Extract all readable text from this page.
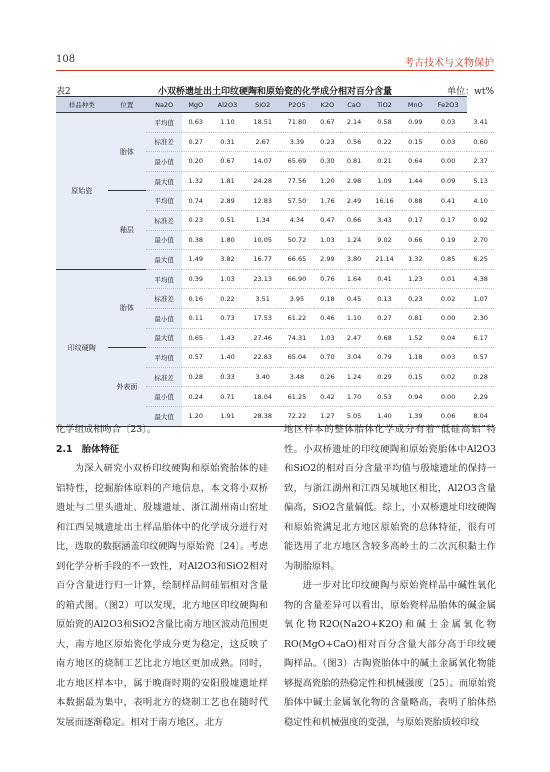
108	考古技术与文物保护
表2	小双桥遗址出土印纹硬陶和原始瓷的化学成分相对百分含量	单位：wt%
样品种类	位置	Na2O	MgO	Al2O3	SiO2	P2O5	K2O	CaO	TiO2	MnO	Fe2O3	
原始瓷	胎体	平均值	0.63	1.10	18.51	71.80	0.67	2.14	0.58	0.99	0.03	3.41
		标准差	0.27	0.31	2.67	3.39	0.23	0.56	0.22	0.15	0.03	0.60
		最小值	0.20	0.67	14.07	65.69	0.30	0.81	0.21	0.64	0.00	2.37
		最大值	1.32	1.81	24.28	77.56	1.20	2.98	1.09	1.44	0.09	5.13
	釉层	平均值	0.74	2.89	12.83	57.50	1.76	2.49	16.16	0.88	0.41	4.10
		标准差	0.23	0.51	1.34	4.34	0.47	0.66	3.43	0.17	0.17	0.92
		最小值	0.38	1.80	10.05	50.72	1.03	1.24	9.02	0.66	0.19	2.70
		最大值	1.49	3.82	16.77	66.65	2.99	3.80	21.14	1.32	0.85	6.25
印纹硬陶	胎体	平均值	0.39	1.03	23.13	66.90	0.76	1.64	0.41	1.23	0.01	4.38
		标准差	0.16	0.22	3.51	3.95	0.18	0.45	0.13	0.23	0.02	1.07
		最小值	0.11	0.73	17.53	61.22	0.46	1.10	0.27	0.81	0.00	2.30
		最大值	0.65	1.43	27.46	74.31	1.03	2.47	0.68	1.52	0.04	6.17
	外表面	平均值	0.57	1.40	22.83	65.04	0.70	3.04	0.79	1.18	0.03	0.57
		标准差	0.28	0.33	3.40	3.48	0.26	1.24	0.29	0.15	0.02	0.28
		最小值	0.24	0.71	18.04	61.25	0.42	1.70	0.53	0.94	0.00	2.29
		最大值	1.20	1.91	28.38	72.22	1.27	5.05	1.40	1.39	0.06	8.04

化学组成相吻合〔23〕。

2.1　胎体特征

为深入研究小双桥印纹硬陶和原始瓷胎体的硅铝特性，挖掘胎体原料的产地信息，本文将小双桥遗址与二里头遗址、殷墟遗址、浙江湖州南山窑址和江西吴城遗址出土样品胎体中的化学成分进行对比，选取的数据涵盖印纹硬陶与原始瓷〔24〕。考虑到化学分析手段的不一致性，对Al2O3和SiO2相对百分含量进行归一计算，绘制样品间硅铝相对含量的箱式图。（图2）可以发现，北方地区印纹硬陶和原始瓷的Al2O3和SiO2含量比南方地区波动范围更大，南方地区原始瓷化学成分更为稳定，这反映了南方地区的烧制工艺比北方地区更加成熟。同时，北方地区样本中，属于晚商时期的安阳殷墟遗址样本数据最为集中，表明北方的烧制工艺也在随时代发展而逐渐稳定。相对于南方地区，北方

地区样本的整体胎体化学成分有着“低硅高铝”特性。小双桥遗址的印纹硬陶和原始瓷胎体中Al2O3和SiO2的相对百分含量平均值与殷墟遗址的保持一致，与浙江湖州和江西吴城地区相比，Al2O3含量偏高，SiO2含量偏低。综上，小双桥遗址印纹硬陶和原始瓷满足北方地区原始瓷的总体特征，很有可能选用了北方地区含较多高岭土的二次沉积黏土作为制胎原料。

进一步对比印纹硬陶与原始瓷样品中碱性氧化物的含量差异可以看出，原始瓷样品胎体的碱金属氧化物R2O(Na2O+K2O)和碱土金属氧化物RO(MgO+CaO)相对百分含量大部分高于印纹硬陶样品。（图3）古陶瓷胎体中的碱土金属氧化物能够提高瓷胎的热稳定性和机械强度〔25〕。而原始瓷胎体中碱土金属氧化物的含量略高，表明了胎体热稳定性和机械强度的变强，与原始瓷胎质较印纹
